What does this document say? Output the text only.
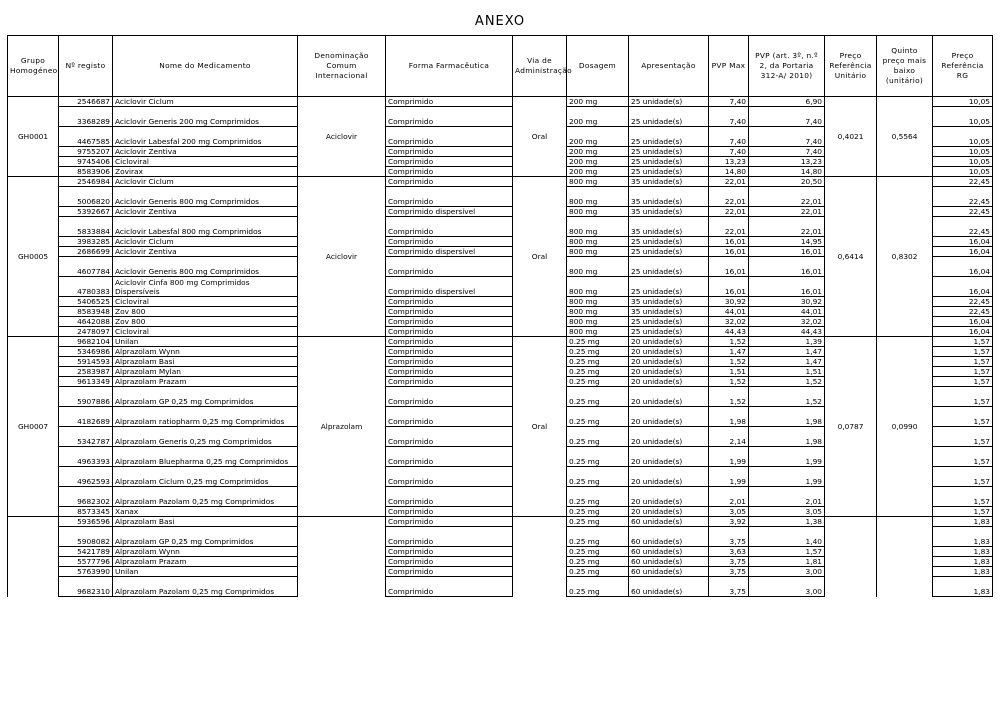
ANEXO
Grupo Homogéneo	Nº registo	Nome do Medicamento	Denominação Comum Internacional	Forma Farmacêutica	Via de Administração	Dosagem	Apresentação	PVP Max	PVP (art. 3º, n.º 2, da Portaria 312-A/ 2010)	Preço Referência Unitário	Quinto preço mais baixo (unitário)	Preço Referência RG
GH0001	2546687	Aciclovir Ciclum	Aciclovir	Comprimido	Oral	200 mg	25 unidade(s)	7,40	6,90	0,4021	0,5564	10,05
	3368289	Aciclovir Generis 200 mg Comprimidos		Comprimido		200 mg	25 unidade(s)	7,40	7,40			10,05
	4467585	Aciclovir Labesfal 200 mg Comprimidos		Comprimido		200 mg	25 unidade(s)	7,40	7,40			10,05
	9755207	Aciclovir Zentiva		Comprimido		200 mg	25 unidade(s)	7,40	7,40			10,05
	9745406	Cicloviral		Comprimido		200 mg	25 unidade(s)	13,23	13,23			10,05
	8583906	Zovirax		Comprimido		200 mg	25 unidade(s)	14,80	14,80			10,05
GH0005	2546984	Aciclovir Ciclum	Aciclovir	Comprimido	Oral	800 mg	35 unidade(s)	22,01	20,50	0,6414	0,8302	22,45
	5006820	Aciclovir Generis 800 mg Comprimidos		Comprimido		800 mg	35 unidade(s)	22,01	22,01			22,45
	5392667	Aciclovir Zentiva		Comprimido dispersível		800 mg	35 unidade(s)	22,01	22,01			22,45
	5833884	Aciclovir Labesfal 800 mg Comprimidos		Comprimido		800 mg	35 unidade(s)	22,01	22,01			22,45
	3983285	Aciclovir Ciclum		Comprimido		800 mg	25 unidade(s)	16,01	14,95			16,04
	2686699	Aciclovir Zentiva		Comprimido dispersível		800 mg	25 unidade(s)	16,01	16,01			16,04
	4607784	Aciclovir Generis 800 mg Comprimidos		Comprimido		800 mg	25 unidade(s)	16,01	16,01			16,04
	4780383	Aciclovir Cinfa 800 mg Comprimidos Dispersíveis		Comprimido dispersível		800 mg	25 unidade(s)	16,01	16,01			16,04
	5406525	Cicloviral		Comprimido		800 mg	35 unidade(s)	30,92	30,92			22,45
	8583948	Zov 800		Comprimido		800 mg	35 unidade(s)	44,01	44,01			22,45
	4642088	Zov 800		Comprimido		800 mg	25 unidade(s)	32,02	32,02			16,04
	2478097	Cicloviral		Comprimido		800 mg	25 unidade(s)	44,43	44,43			16,04
GH0007	9682104	Unilan	Alprazolam	Comprimido	Oral	0.25 mg	20 unidade(s)	1,52	1,39	0,0787	0,0990	1,57
	5346986	Alprazolam Wynn		Comprimido		0.25 mg	20 unidade(s)	1,47	1,47			1,57
	5914593	Alprazolam Basi		Comprimido		0.25 mg	20 unidade(s)	1,52	1,47			1,57
	2583987	Alprazolam Mylan		Comprimido		0.25 mg	20 unidade(s)	1,51	1,51			1,57
	9613349	Alprazolam Prazam		Comprimido		0.25 mg	20 unidade(s)	1,52	1,52			1,57
	5907886	Alprazolam GP 0,25 mg Comprimidos		Comprimido		0.25 mg	20 unidade(s)	1,52	1,52			1,57
	4182689	Alprazolam ratiopharm 0,25 mg Comprimidos		Comprimido		0.25 mg	20 unidade(s)	1,98	1,98			1,57
	5342787	Alprazolam Generis 0,25 mg Comprimidos		Comprimido		0.25 mg	20 unidade(s)	2,14	1,98			1,57
	4963393	Alprazolam Bluepharma 0,25 mg Comprimidos		Comprimido		0.25 mg	20 unidade(s)	1,99	1,99			1,57
	4962593	Alprazolam Ciclum 0,25 mg Comprimidos		Comprimido		0.25 mg	20 unidade(s)	1,99	1,99			1,57
	9682302	Alprazolam Pazolam 0,25 mg Comprimidos		Comprimido		0.25 mg	20 unidade(s)	2,01	2,01			1,57
	8573345	Xanax		Comprimido		0.25 mg	20 unidade(s)	3,05	3,05			1,57
	5936596	Alprazolam Basi		Comprimido		0.25 mg	60 unidade(s)	3,92	1,38			1,83
	5908082	Alprazolam GP 0,25 mg Comprimidos		Comprimido		0.25 mg	60 unidade(s)	3,75	1,40			1,83
	5421789	Alprazolam Wynn		Comprimido		0.25 mg	60 unidade(s)	3,63	1,57			1,83
	5577796	Alprazolam Prazam		Comprimido		0.25 mg	60 unidade(s)	3,75	1,81			1,83
	5763990	Unilan		Comprimido		0.25 mg	60 unidade(s)	3,75	3,00			1,83
	9682310	Alprazolam Pazolam 0,25 mg Comprimidos		Comprimido		0.25 mg	60 unidade(s)	3,75	3,00			1,83
